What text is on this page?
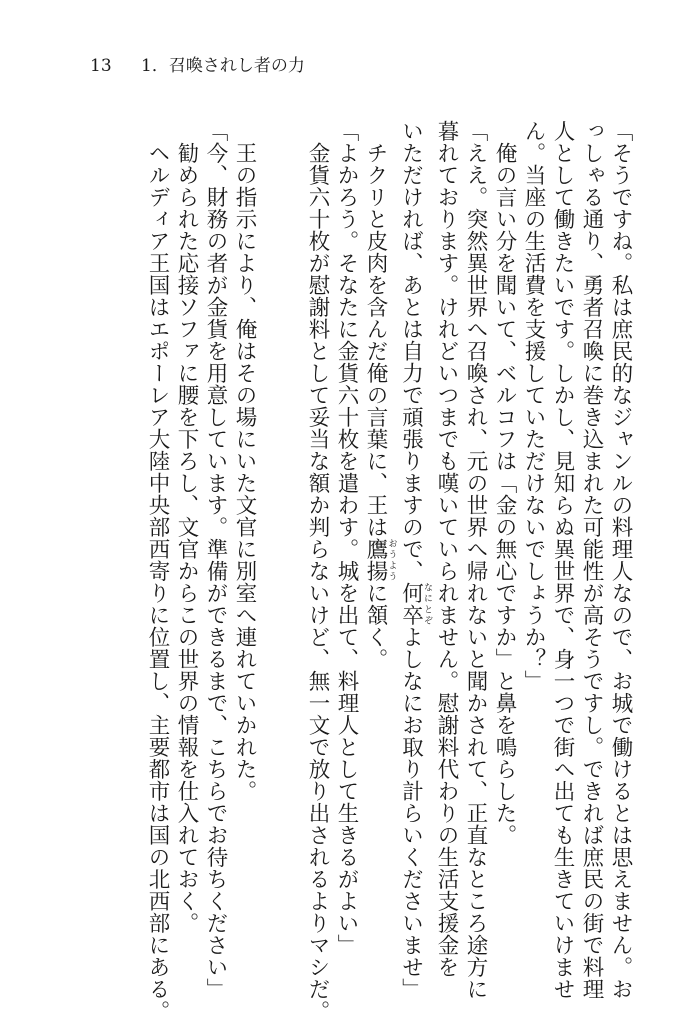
13 1．召喚されし者の力

「そうですね。私は庶民的なジャンルの料理人なので、お城で働けるとは思えません。お

っしゃる通り、勇者召喚に巻き込まれた可能性が高そうですし。できれば庶民の街で料理

人として働きたいです。しかし、見知らぬ異世界で、身一つで街へ出ても生きていけませ

ん。当座の生活費を支援していただけないでしょうか？」

　俺の言い分を聞いて、ベルコフは「金の無心ですか」と鼻を鳴らした。

「ええ。突然異世界へ召喚され、元の世界へ帰れないと聞かされて、正直なところ途方に

暮れております。けれどいつまでも嘆いていられません。慰謝料代わりの生活支援金を

いただければ、あとは自力で頑張りますので、何卒なにとぞよしなにお取り計らいくださいませ」

　チクリと皮肉を含んだ俺の言葉に、王は鷹揚おうように頷く。

「よかろう。そなたに金貨六十枚を遣わす。城を出て、料理人として生きるがよい」

　金貨六十枚が慰謝料として妥当な額か判らないけど、無一文で放り出されるよりマシだ。

　王の指示により、俺はその場にいた文官に別室へ連れていかれた。

「今、財務の者が金貨を用意しています。準備ができるまで、こちらでお待ちください」

　勧められた応接ソファに腰を下ろし、文官からこの世界の情報を仕入れておく。

　ヘルディア王国はエポーレア大陸中央部西寄りに位置し、主要都市は国の北西部にある。
